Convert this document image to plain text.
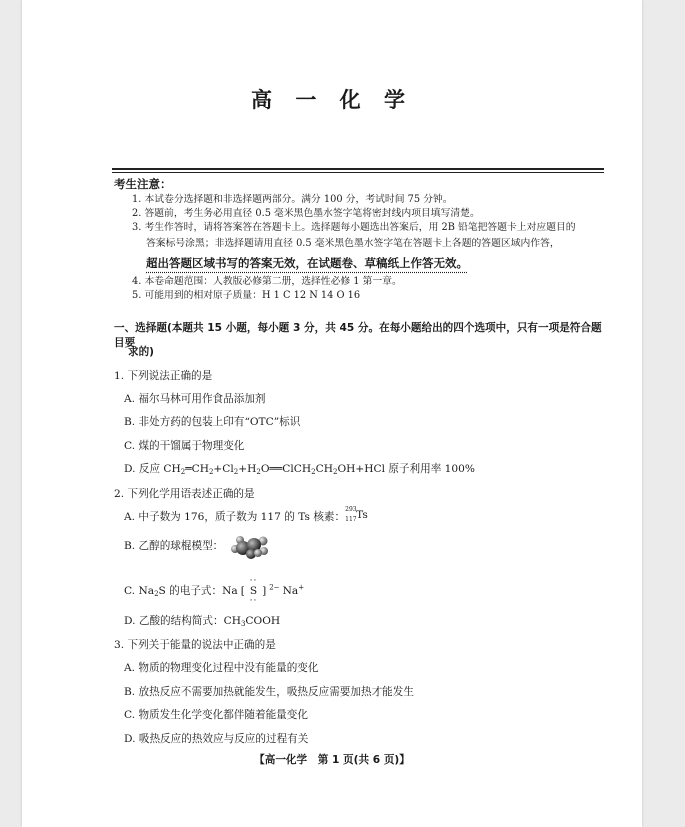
高 一 化 学
考生注意：
1. 本试卷分选择题和非选择题两部分。满分 100 分，考试时间 75 分钟。
2. 答题前，考生务必用直径 0.5 毫米黑色墨水签字笔将密封线内项目填写清楚。
3. 考生作答时，请将答案答在答题卡上。选择题每小题选出答案后，用 2B 铅笔把答题卡上对应题目的
答案标号涂黑；非选择题请用直径 0.5 毫米黑色墨水签字笔在答题卡上各题的答题区域内作答，
超出答题区域书写的答案无效，在试题卷、草稿纸上作答无效。
4. 本卷命题范围：人教版必修第二册，选择性必修 1 第一章。
5. 可能用到的相对原子质量：H 1 C 12 N 14 O 16
一、选择题(本题共 15 小题，每小题 3 分，共 45 分。在每小题给出的四个选项中，只有一项是符合题目要
求的)
1. 下列说法正确的是
A. 福尔马林可用作食品添加剂
B. 非处方药的包装上印有“OTC”标识
C. 煤的干馏属于物理变化
D. 反应 $CH_2═CH_2+Cl_2+H_2O══ClCH_2CH_2OH+HCl$ 原子利用率 100%
2. 下列化学用语表述正确的是
A. 中子数为 176，质子数为 117 的 Ts 核素：
293
117 Ts
B. 乙醇的球棍模型：
C. $Na_2S$ 的电子式：Na [
··
S
··
] $^{2-}$ Na+
D. 乙酸的结构简式：$CH_3COOH$
3. 下列关于能量的说法中正确的是
A. 物质的物理变化过程中没有能量的变化
B. 放热反应不需要加热就能发生，吸热反应需要加热才能发生
C. 物质发生化学变化都伴随着能量变化
D. 吸热反应的热效应与反应的过程有关
【高一化学　第 1 页(共 6 页)】
